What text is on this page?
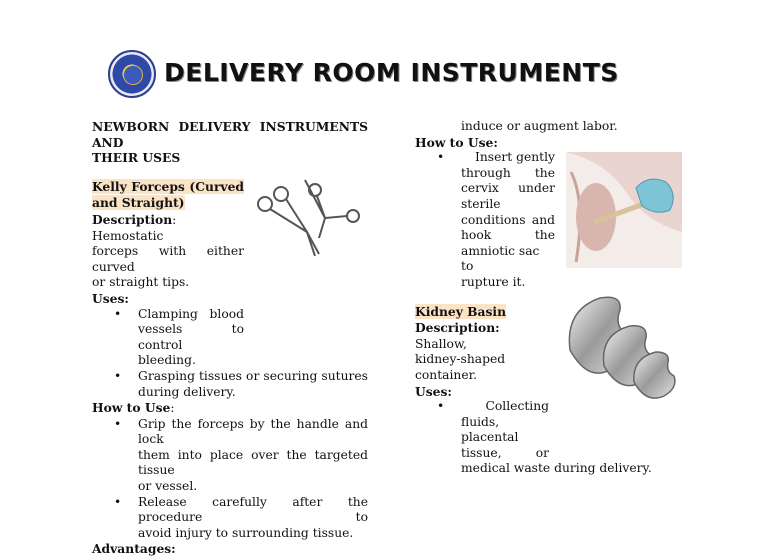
DELIVERY ROOM INSTRUMENTS
NEWBORN DELIVERY INSTRUMENTS AND
THEIR USES
Kelly Forceps (Curved
and Straight)
Description: Hemostatic
forceps with either curved
or straight tips.
Uses:
• Clamping blood
vessels to control
bleeding.
• Grasping tissues or securing sutures
during delivery.
How to Use:
• Grip the forceps by the handle and lock
them into place over the targeted tissue
or vessel.
• Release carefully after the procedure to
avoid injury to surrounding tissue.
Advantages:
induce or augment labor.
How to Use:
• Insert gently
through the
cervix under
sterile
conditions and
hook the
amniotic sac to
rupture it.
Kidney Basin
Description: Shallow,
kidney-shaped
container.
Uses:
• Collecting
fluids,
placental
tissue, or
medical waste during delivery.
